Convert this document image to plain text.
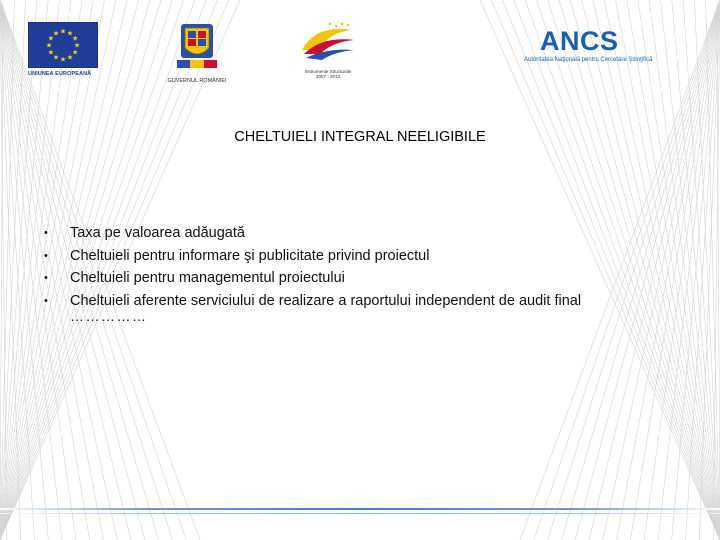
★ ★
★
★
★
★
★
★
★
★
★
★
UNIUNEA EUROPEANĂ
GUVERNUL ROMÂNIEI
Instrumente Structurale
2007 - 2013
ANCS
Autoritatea Naţională pentru Cercetare Ştiinţifică
CHELTUIELI INTEGRAL NEELIGIBILE
• Taxa pe valoarea adăugată
• Cheltuieli pentru informare şi publicitate privind proiectul
• Cheltuieli pentru managementul proiectului
• Cheltuieli aferente serviciului de realizare a raportului independent de audit final
……………
